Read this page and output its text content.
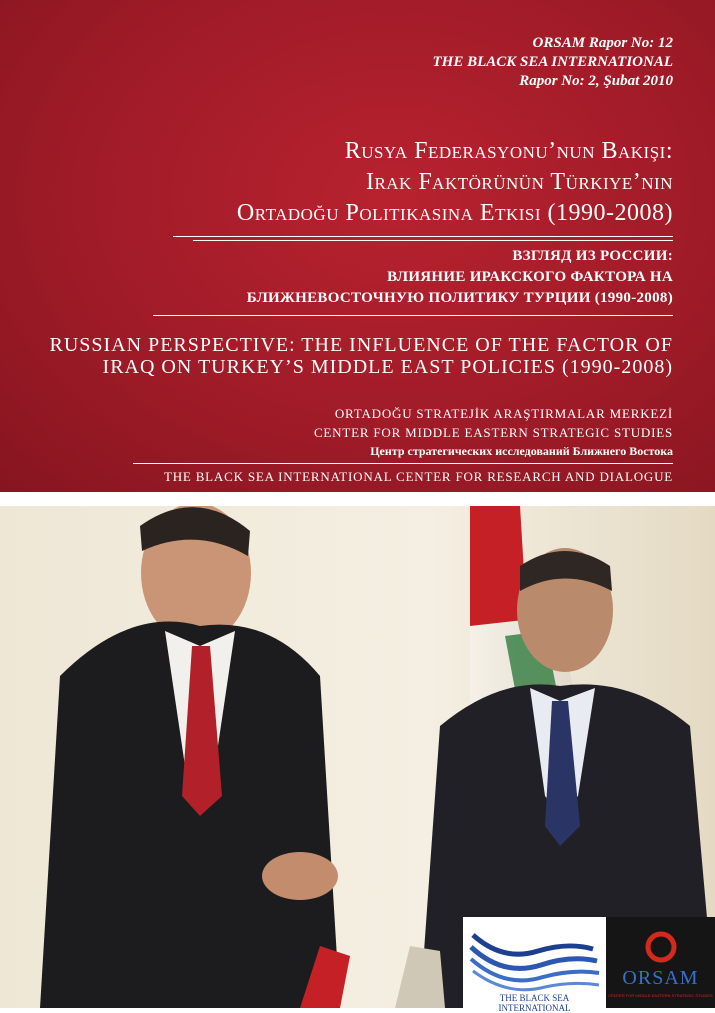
ORSAM Rapor No: 12
THE BLACK SEA INTERNATIONAL
Rapor No: 2, Şubat 2010
Rusya Federasyonu’nun Bakışı:
Irak Faktörünün Türkiye’nin
Ortadoğu Politikasına Etkisi (1990-2008)
ВЗГЛЯД ИЗ РОССИИ:
ВЛИЯНИЕ ИРАКСКОГО ФАКТОРА НА
БЛИЖНЕВОСТОЧНУЮ ПОЛИТИКУ ТУРЦИИ (1990-2008)
RUSSIAN PERSPECTIVE: THE INFLUENCE OF THE FACTOR OF
IRAQ ON TURKEY’S MIDDLE EAST POLICIES (1990-2008)
ORTADOĞU STRATEJİK ARAŞTIRMALAR MERKEZİ
CENTER FOR MIDDLE EASTERN STRATEGIC STUDIES
Центр стратегических исследований Ближнего Востока
THE BLACK SEA INTERNATIONAL CENTER FOR RESEARCH AND DIALOGUE
THE BLACK SEA INTERNATIONAL
ORSAM
CENTER FOR MIDDLE EASTERN STRATEGIC STUDIES
